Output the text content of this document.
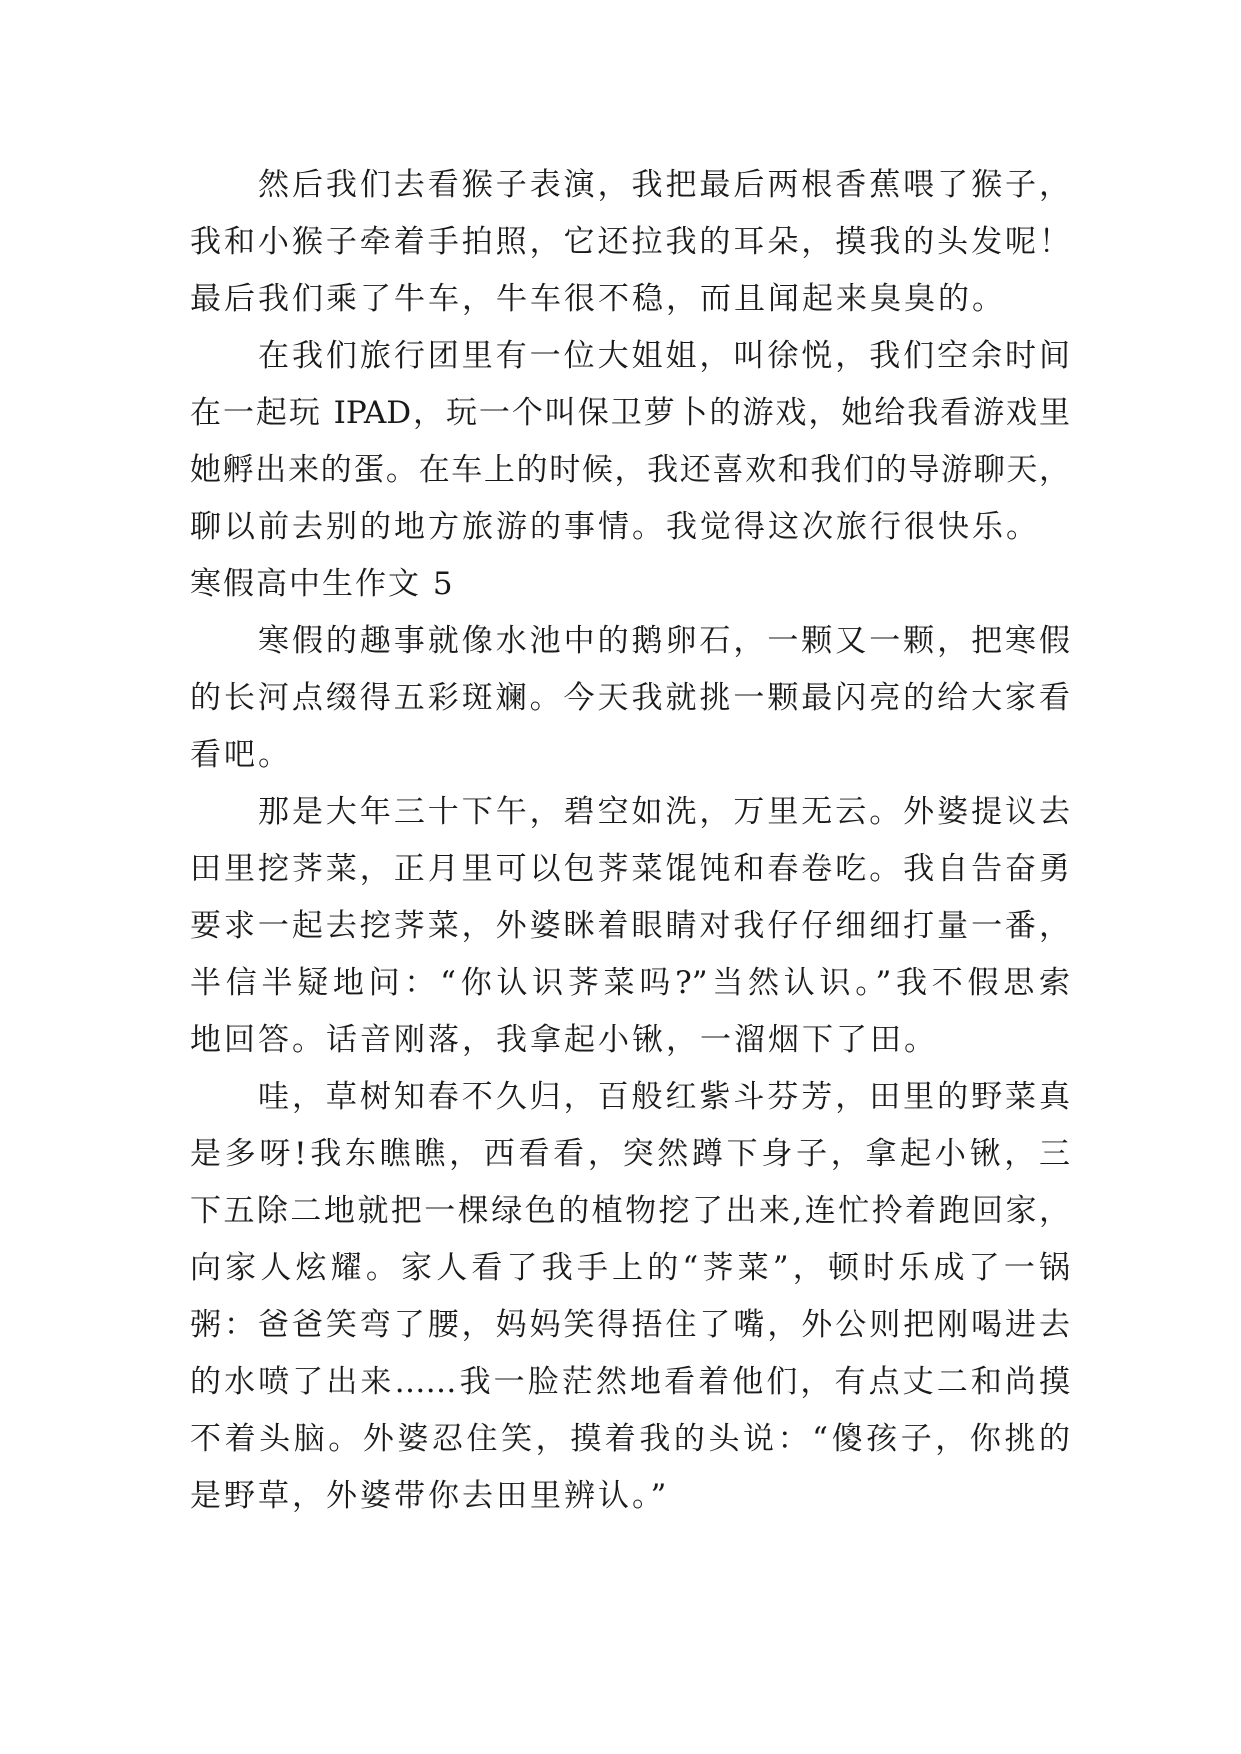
然后我们去看猴子表演，我把最后两根香蕉喂了猴子，
我和小猴子牵着手拍照，它还拉我的耳朵，摸我的头发呢！
最后我们乘了牛车，牛车很不稳，而且闻起来臭臭的。
在我们旅行团里有一位大姐姐，叫徐悦，我们空余时间
在一起玩 IPAD，玩一个叫保卫萝卜的游戏，她给我看游戏里
她孵出来的蛋。在车上的时候，我还喜欢和我们的导游聊天，
聊以前去别的地方旅游的事情。我觉得这次旅行很快乐。
寒假高中生作文 5
寒假的趣事就像水池中的鹅卵石，一颗又一颗，把寒假
的长河点缀得五彩斑斓。今天我就挑一颗最闪亮的给大家看
看吧。
那是大年三十下午，碧空如洗，万里无云。外婆提议去
田里挖荠菜，正月里可以包荠菜馄饨和春卷吃。我自告奋勇
要求一起去挖荠菜，外婆眯着眼睛对我仔仔细细打量一番，
半信半疑地问：“你认识荠菜吗?”当然认识。”我不假思索
地回答。话音刚落，我拿起小锹，一溜烟下了田。
哇，草树知春不久归，百般红紫斗芬芳，田里的野菜真
是多呀!我东瞧瞧，西看看，突然蹲下身子，拿起小锹，三
下五除二地就把一棵绿色的植物挖了出来,连忙拎着跑回家，
向家人炫耀。家人看了我手上的“荠菜”，顿时乐成了一锅
粥：爸爸笑弯了腰，妈妈笑得捂住了嘴，外公则把刚喝进去
的水喷了出来……我一脸茫然地看着他们，有点丈二和尚摸
不着头脑。外婆忍住笑，摸着我的头说：“傻孩子，你挑的
是野草，外婆带你去田里辨认。”
